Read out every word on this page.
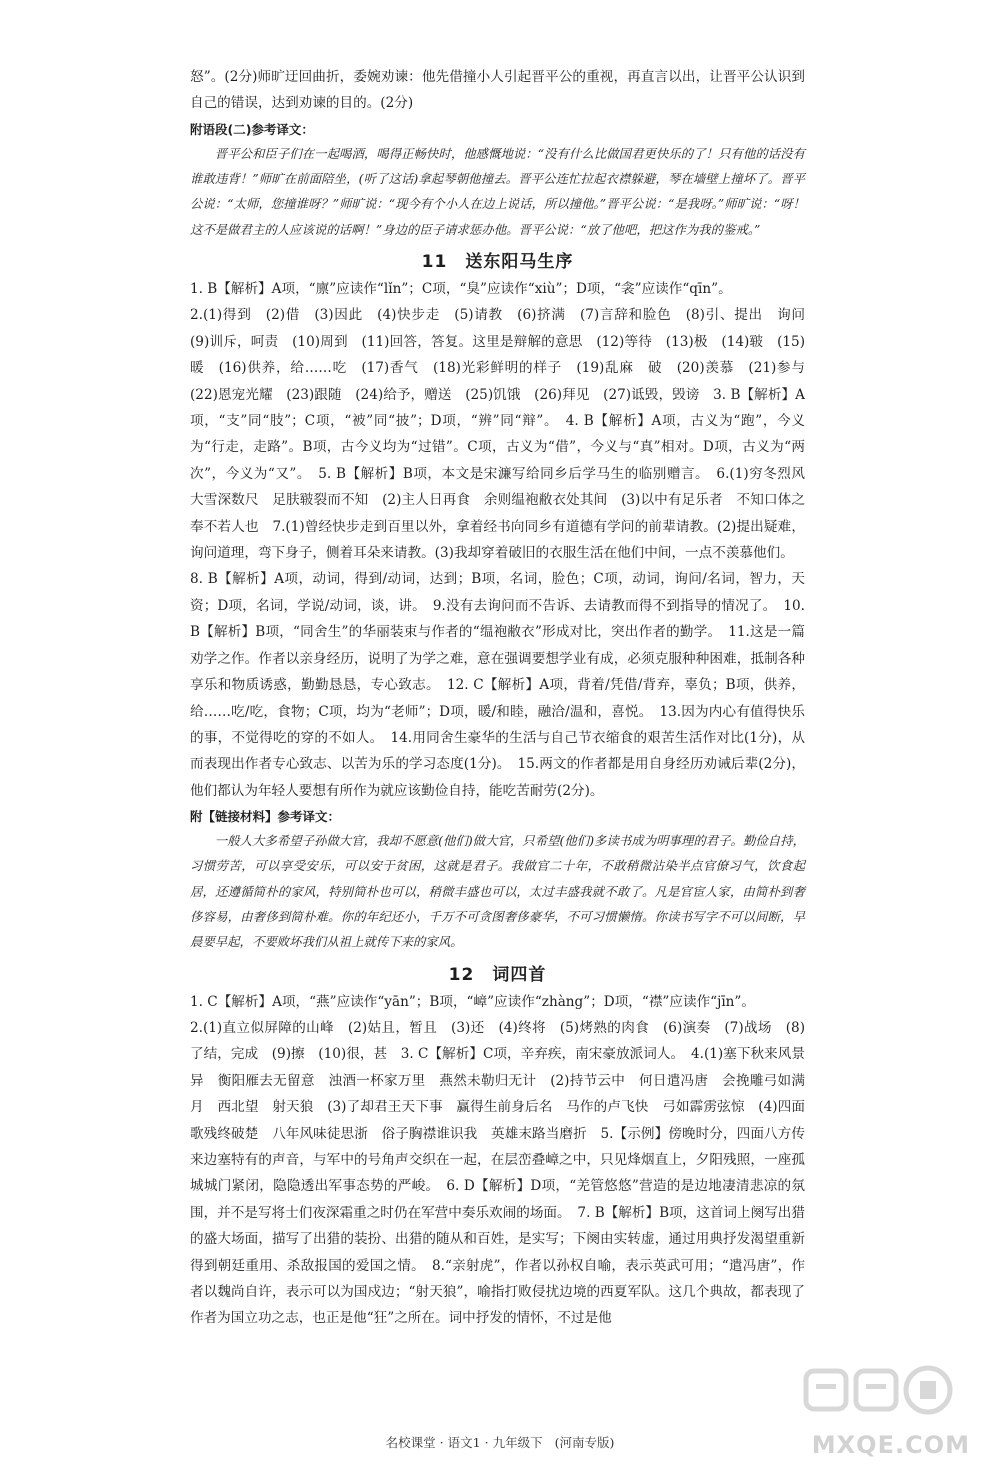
怒”。(2分)师旷迂回曲折，委婉劝谏：他先借撞小人引起晋平公的重视，再直言以出，让晋平公认识到自己的错误，达到劝谏的目的。(2分)

附语段(二)参考译文：

晋平公和臣子们在一起喝酒，喝得正畅快时，他感慨地说：“没有什么比做国君更快乐的了！只有他的话没有谁敢违背！”师旷在前面陪坐，(听了这话)拿起琴朝他撞去。晋平公连忙拉起衣襟躲避，琴在墙壁上撞坏了。晋平公说：“太师，您撞谁呀？”师旷说：“现今有个小人在边上说话，所以撞他。”晋平公说：“是我呀。”师旷说：“呀！这不是做君主的人应该说的话啊！”身边的臣子请求惩办他。晋平公说：“放了他吧，把这作为我的鉴戒。”

11 送东阳马生序

1. B【解析】A项，“廪”应读作“lǐn”；C项，“臭”应读作“xiù”；D项，“衾”应读作“qīn”。

2.(1)得到　(2)借　(3)因此　(4)快步走　(5)请教　(6)挤满　(7)言辞和脸色　(8)引、提出　询问　(9)训斥，呵责　(10)周到　(11)回答，答复。这里是辩解的意思　(12)等待　(13)极　(14)皲　(15)暖　(16)供养，给……吃　(17)香气　(18)光彩鲜明的样子　(19)乱麻　破　(20)羡慕　(21)参与　(22)恩宠光耀　(23)跟随　(24)给予，赠送　(25)饥饿　(26)拜见　(27)诋毁，毁谤　3. B【解析】A项，“支”同“肢”；C项，“被”同“披”；D项，“辨”同“辩”。　4. B【解析】A项，古义为“跑”，今义为“行走，走路”。B项，古今义均为“过错”。C项，古义为“借”，今义与“真”相对。D项，古义为“两次”，今义为“又”。　5. B【解析】B项，本文是宋濂写给同乡后学马生的临别赠言。　6.(1)穷冬烈风　大雪深数尺　足肤皲裂而不知　(2)主人日再食　余则缊袍敝衣处其间　(3)以中有足乐者　不知口体之奉不若人也　7.(1)曾经快步走到百里以外，拿着经书向同乡有道德有学问的前辈请教。(2)提出疑难，询问道理，弯下身子，侧着耳朵来请教。(3)我却穿着破旧的衣服生活在他们中间，一点不羡慕他们。

8. B【解析】A项，动词，得到/动词，达到；B项，名词，脸色；C项，动词，询问/名词，智力，天资；D项，名词，学说/动词，谈，讲。　9.没有去询问而不告诉、去请教而得不到指导的情况了。　10. B【解析】B项，“同舍生”的华丽装束与作者的“缊袍敝衣”形成对比，突出作者的勤学。　11.这是一篇劝学之作。作者以亲身经历，说明了为学之难，意在强调要想学业有成，必须克服种种困难，抵制各种享乐和物质诱惑，勤勤恳恳，专心致志。　12. C【解析】A项，背着/凭借/背弃，辜负；B项，供养，给……吃/吃，食物；C项，均为“老师”；D项，暖/和睦，融洽/温和，喜悦。　13.因为内心有值得快乐的事，不觉得吃的穿的不如人。　14.用同舍生豪华的生活与自己节衣缩食的艰苦生活作对比(1分)，从而表现出作者专心致志、以苦为乐的学习态度(1分)。　15.两文的作者都是用自身经历劝诫后辈(2分)，他们都认为年轻人要想有所作为就应该勤俭自持，能吃苦耐劳(2分)。

附【链接材料】参考译文：

一般人大多希望子孙做大官，我却不愿意(他们)做大官，只希望(他们)多读书成为明事理的君子。勤俭自持，习惯劳苦，可以享受安乐，可以安于贫困，这就是君子。我做官二十年，不敢稍微沾染半点官僚习气，饮食起居，还遵循简朴的家风，特别简朴也可以，稍微丰盛也可以，太过丰盛我就不敢了。凡是官宦人家，由简朴到奢侈容易，由奢侈到简朴难。你的年纪还小，千万不可贪图奢侈豪华，不可习惯懒惰。你读书写字不可以间断，早晨要早起，不要败坏我们从祖上就传下来的家风。

12 词四首

1. C【解析】A项，“燕”应读作“yān”；B项，“嶂”应读作“zhàng”；D项，“襟”应读作“jīn”。

2.(1)直立似屏障的山峰　(2)姑且，暂且　(3)还　(4)终将　(5)烤熟的肉食　(6)演奏　(7)战场　(8)了结，完成　(9)擦　(10)很，甚　3. C【解析】C项，辛弃疾，南宋豪放派词人。　4.(1)塞下秋来风景异　衡阳雁去无留意　浊酒一杯家万里　燕然未勒归无计　(2)持节云中　何日遣冯唐　会挽雕弓如满月　西北望　射天狼　(3)了却君王天下事　赢得生前身后名　马作的卢飞快　弓如霹雳弦惊　(4)四面歌残终破楚　八年风味徒思浙　俗子胸襟谁识我　英雄末路当磨折　5.【示例】傍晚时分，四面八方传来边塞特有的声音，与军中的号角声交织在一起，在层峦叠嶂之中，只见烽烟直上，夕阳残照，一座孤城城门紧闭，隐隐透出军事态势的严峻。　6. D【解析】D项，“羌管悠悠”营造的是边地凄清悲凉的氛围，并不是写将士们夜深霜重之时仍在军营中奏乐欢闹的场面。　7. B【解析】B项，这首词上阕写出猎的盛大场面，描写了出猎的装扮、出猎的随从和百姓，是实写；下阕由实转虚，通过用典抒发渴望重新得到朝廷重用、杀敌报国的爱国之情。　8.“亲射虎”，作者以孙权自喻，表示英武可用；“遣冯唐”，作者以魏尚自许，表示可以为国戍边；“射天狼”，喻指打败侵扰边境的西夏军队。这几个典故，都表现了作者为国立功之志，也正是他“狂”之所在。词中抒发的情怀，不过是他

名校课堂 · 语文1 · 九年级下 (河南专版)	MXQE.COM
